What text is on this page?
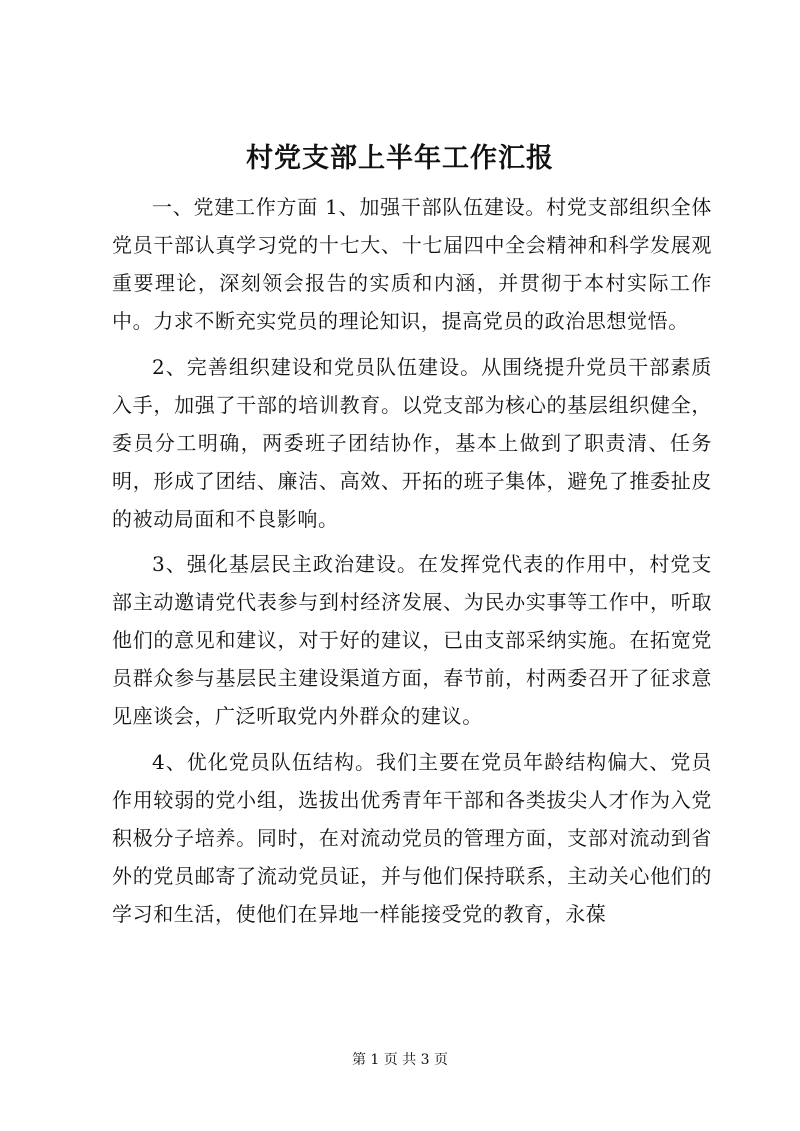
村党支部上半年工作汇报

一、党建工作方面 1、加强干部队伍建设。村党支部组织全体党员干部认真学习党的十七大、十七届四中全会精神和科学发展观重要理论，深刻领会报告的实质和内涵，并贯彻于本村实际工作中。力求不断充实党员的理论知识，提高党员的政治思想觉悟。

2、完善组织建设和党员队伍建设。从围绕提升党员干部素质入手，加强了干部的培训教育。以党支部为核心的基层组织健全，委员分工明确，两委班子团结协作，基本上做到了职责清、任务明，形成了团结、廉洁、高效、开拓的班子集体，避免了推委扯皮的被动局面和不良影响。

3、强化基层民主政治建设。在发挥党代表的作用中，村党支部主动邀请党代表参与到村经济发展、为民办实事等工作中，听取他们的意见和建议，对于好的建议，已由支部采纳实施。在拓宽党员群众参与基层民主建设渠道方面，春节前，村两委召开了征求意见座谈会，广泛听取党内外群众的建议。

4、优化党员队伍结构。我们主要在党员年龄结构偏大、党员作用较弱的党小组，选拔出优秀青年干部和各类拔尖人才作为入党积极分子培养。同时，在对流动党员的管理方面，支部对流动到省外的党员邮寄了流动党员证，并与他们保持联系，主动关心他们的学习和生活，使他们在异地一样能接受党的教育，永葆

第 1 页 共 3 页
